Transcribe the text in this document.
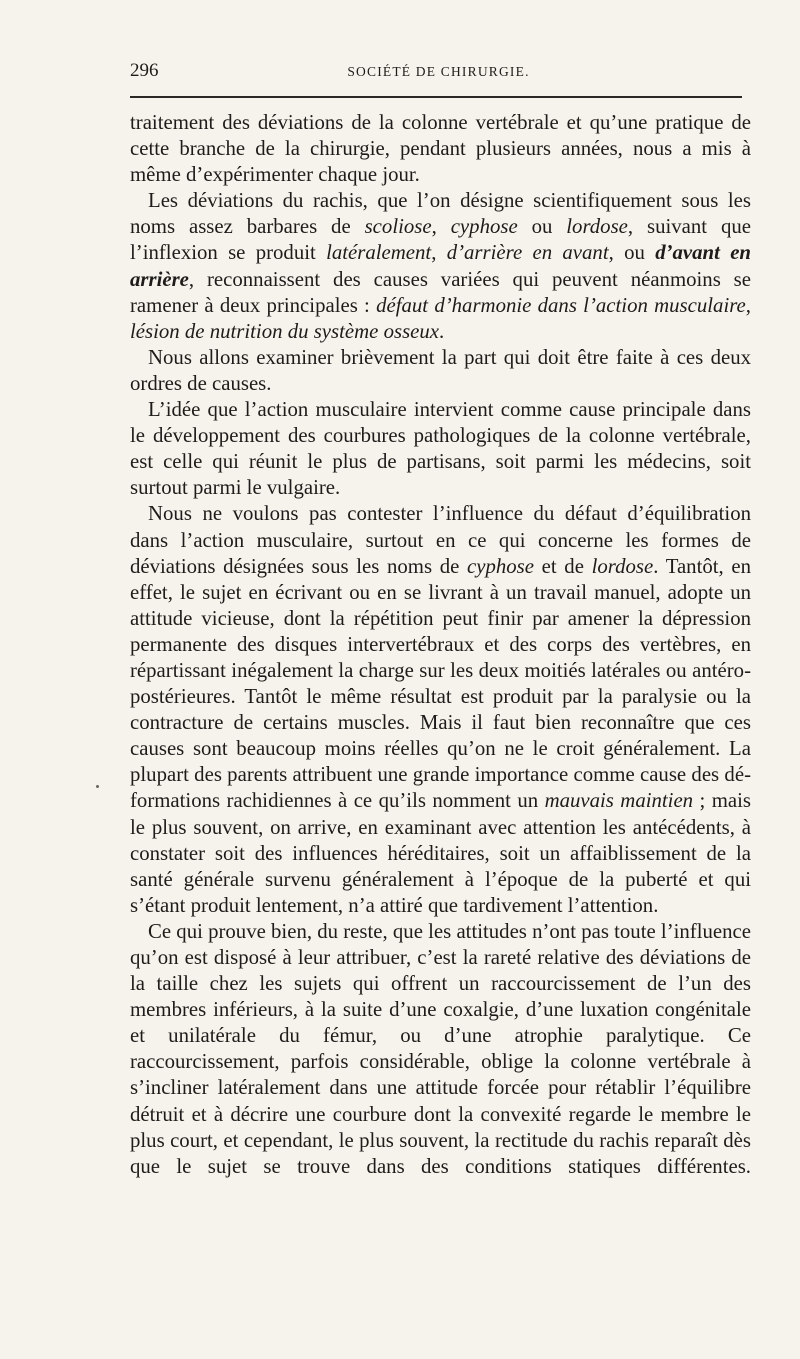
296	SOCIÉTÉ DE CHIRURGIE.

traitement des déviations de la colonne vertébrale et qu’une pratique de cette branche de la chirurgie, pendant plusieurs années, nous a mis à même d’expérimenter chaque jour.

Les déviations du rachis, que l’on désigne scientifiquement sous les noms assez barbares de scoliose, cyphose ou lordose, suivant que l’inflexion se produit latéralement, d’arrière en avant, ou d’avant en arrière, reconnaissent des causes variées qui peuvent néanmoins se ramener à deux principales : défaut d’harmonie dans l’action musculaire, lésion de nutrition du système osseux.

Nous allons examiner brièvement la part qui doit être faite à ces deux ordres de causes.

L’idée que l’action musculaire intervient comme cause principale dans le développement des courbures pathologiques de la colonne vertébrale, est celle qui réunit le plus de partisans, soit parmi les médecins, soit surtout parmi le vulgaire.

Nous ne voulons pas contester l’influence du défaut d’équilibration dans l’action musculaire, surtout en ce qui concerne les formes de déviations désignées sous les noms de cyphose et de lordose. Tantôt, en effet, le sujet en écrivant ou en se livrant à un travail manuel, adopte un attitude vicieuse, dont la répétition peut finir par amener la dépression permanente des disques intervertébraux et des corps des vertèbres, en répartissant inégalement la charge sur les deux moitiés latérales ou antéro-postérieures. Tantôt le même résultat est produit par la paralysie ou la contracture de certains muscles. Mais il faut bien reconnaître que ces causes sont beaucoup moins réelles qu’on ne le croit généralement. La plupart des parents attribuent une grande importance comme cause des déformations rachidiennes à ce qu’ils nomment un mauvais maintien ; mais le plus souvent, on arrive, en examinant avec attention les antécédents, à constater soit des influences héréditaires, soit un affaiblissement de la santé générale survenu généralement à l’époque de la puberté et qui s’étant produit lentement, n’a attiré que tardivement l’attention.

Ce qui prouve bien, du reste, que les attitudes n’ont pas toute l’influence qu’on est disposé à leur attribuer, c’est la rareté relative des déviations de la taille chez les sujets qui offrent un raccourcissement de l’un des membres inférieurs, à la suite d’une coxalgie, d’une luxation congénitale et unilatérale du fémur, ou d’une atrophie paralytique. Ce raccourcissement, parfois considérable, oblige la colonne vertébrale à s’incliner latéralement dans une attitude forcée pour rétablir l’équilibre détruit et à décrire une courbure dont la convexité regarde le membre le plus court, et cependant, le plus souvent, la rectitude du rachis reparaît dès que le sujet se trouve dans des conditions statiques différentes.
